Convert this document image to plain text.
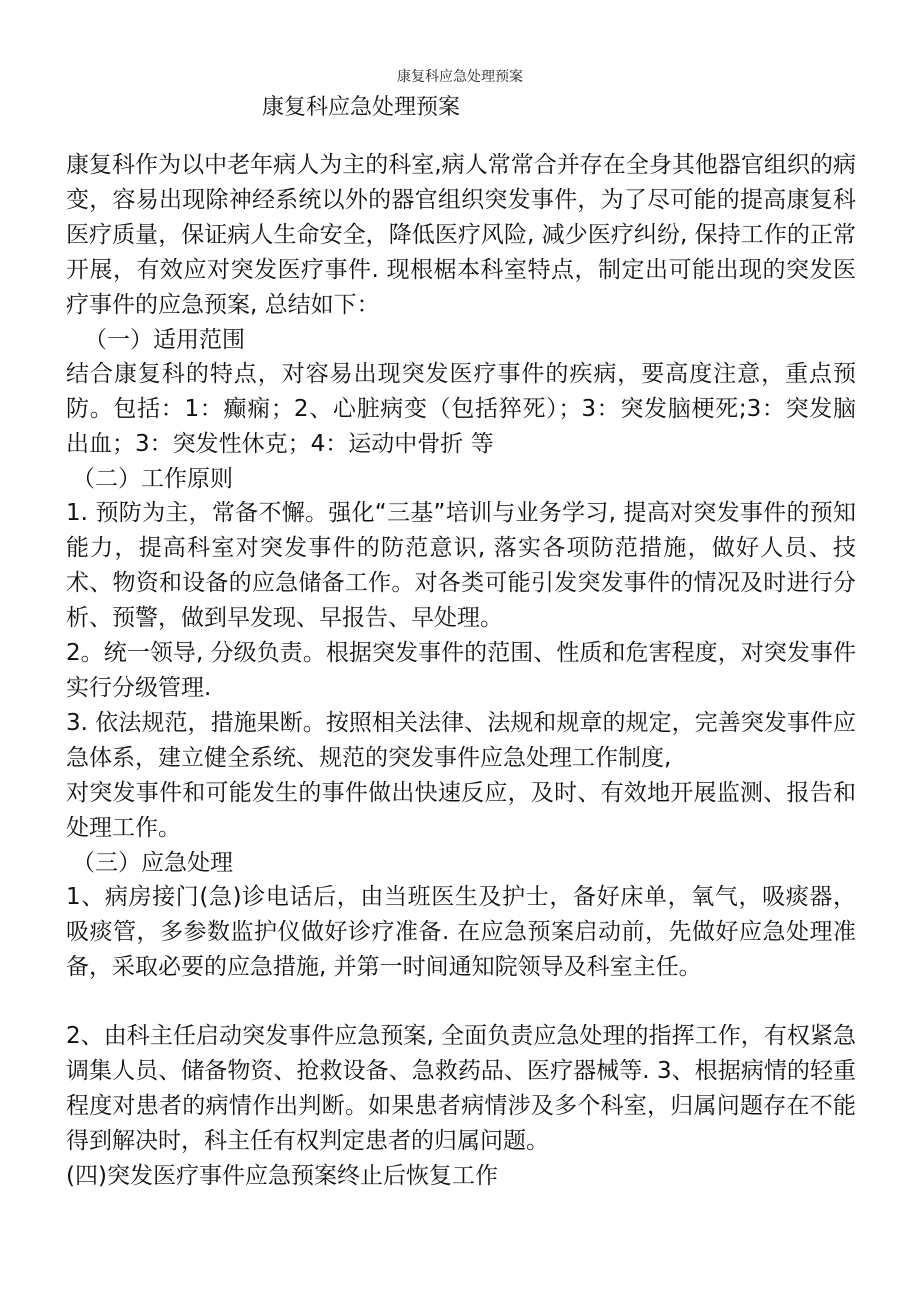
康复科应急处理预案
康复科应急处理预案

康复科作为以中老年病人为主的科室,病人常常合并存在全身其他器官组织的病变，容易出现除神经系统以外的器官组织突发事件，为了尽可能的提高康复科医疗质量，保证病人生命安全，降低医疗风险, 减少医疗纠纷, 保持工作的正常开展，有效应对突发医疗事件. 现根椐本科室特点，制定出可能出现的突发医疗事件的应急预案, 总结如下：

（一）适用范围

结合康复科的特点，对容易出现突发医疗事件的疾病，要高度注意，重点预防。包括：1：癫痫；2、心脏病变（包括猝死）；3：突发脑梗死;3：突发脑出血；3：突发性休克；4：运动中骨折 等

（二）工作原则

1. 预防为主，常备不懈。强化“三基”培训与业务学习, 提高对突发事件的预知能力，提高科室对突发事件的防范意识, 落实各项防范措施，做好人员、技术、物资和设备的应急储备工作。对各类可能引发突发事件的情况及时进行分析、预警，做到早发现、早报告、早处理。

2。统一领导, 分级负责。根据突发事件的范围、性质和危害程度，对突发事件实行分级管理.

3. 依法规范，措施果断。按照相关法律、法规和规章的规定，完善突发事件应急体系，建立健全系统、规范的突发事件应急处理工作制度,

对突发事件和可能发生的事件做出快速反应，及时、有效地开展监测、报告和处理工作。

（三）应急处理

1、病房接门(急)诊电话后，由当班医生及护士，备好床单，氧气，吸痰器，吸痰管，多参数监护仪做好诊疗准备. 在应急预案启动前，先做好应急处理准备，采取必要的应急措施, 并第一时间通知院领导及科室主任。

2、由科主任启动突发事件应急预案, 全面负责应急处理的指挥工作，有权紧急调集人员、储备物资、抢救设备、急救药品、医疗器械等. 3、根据病情的轻重程度对患者的病情作出判断。如果患者病情涉及多个科室，归属问题存在不能得到解决时，科主任有权判定患者的归属问题。

(四)突发医疗事件应急预案终止后恢复工作
